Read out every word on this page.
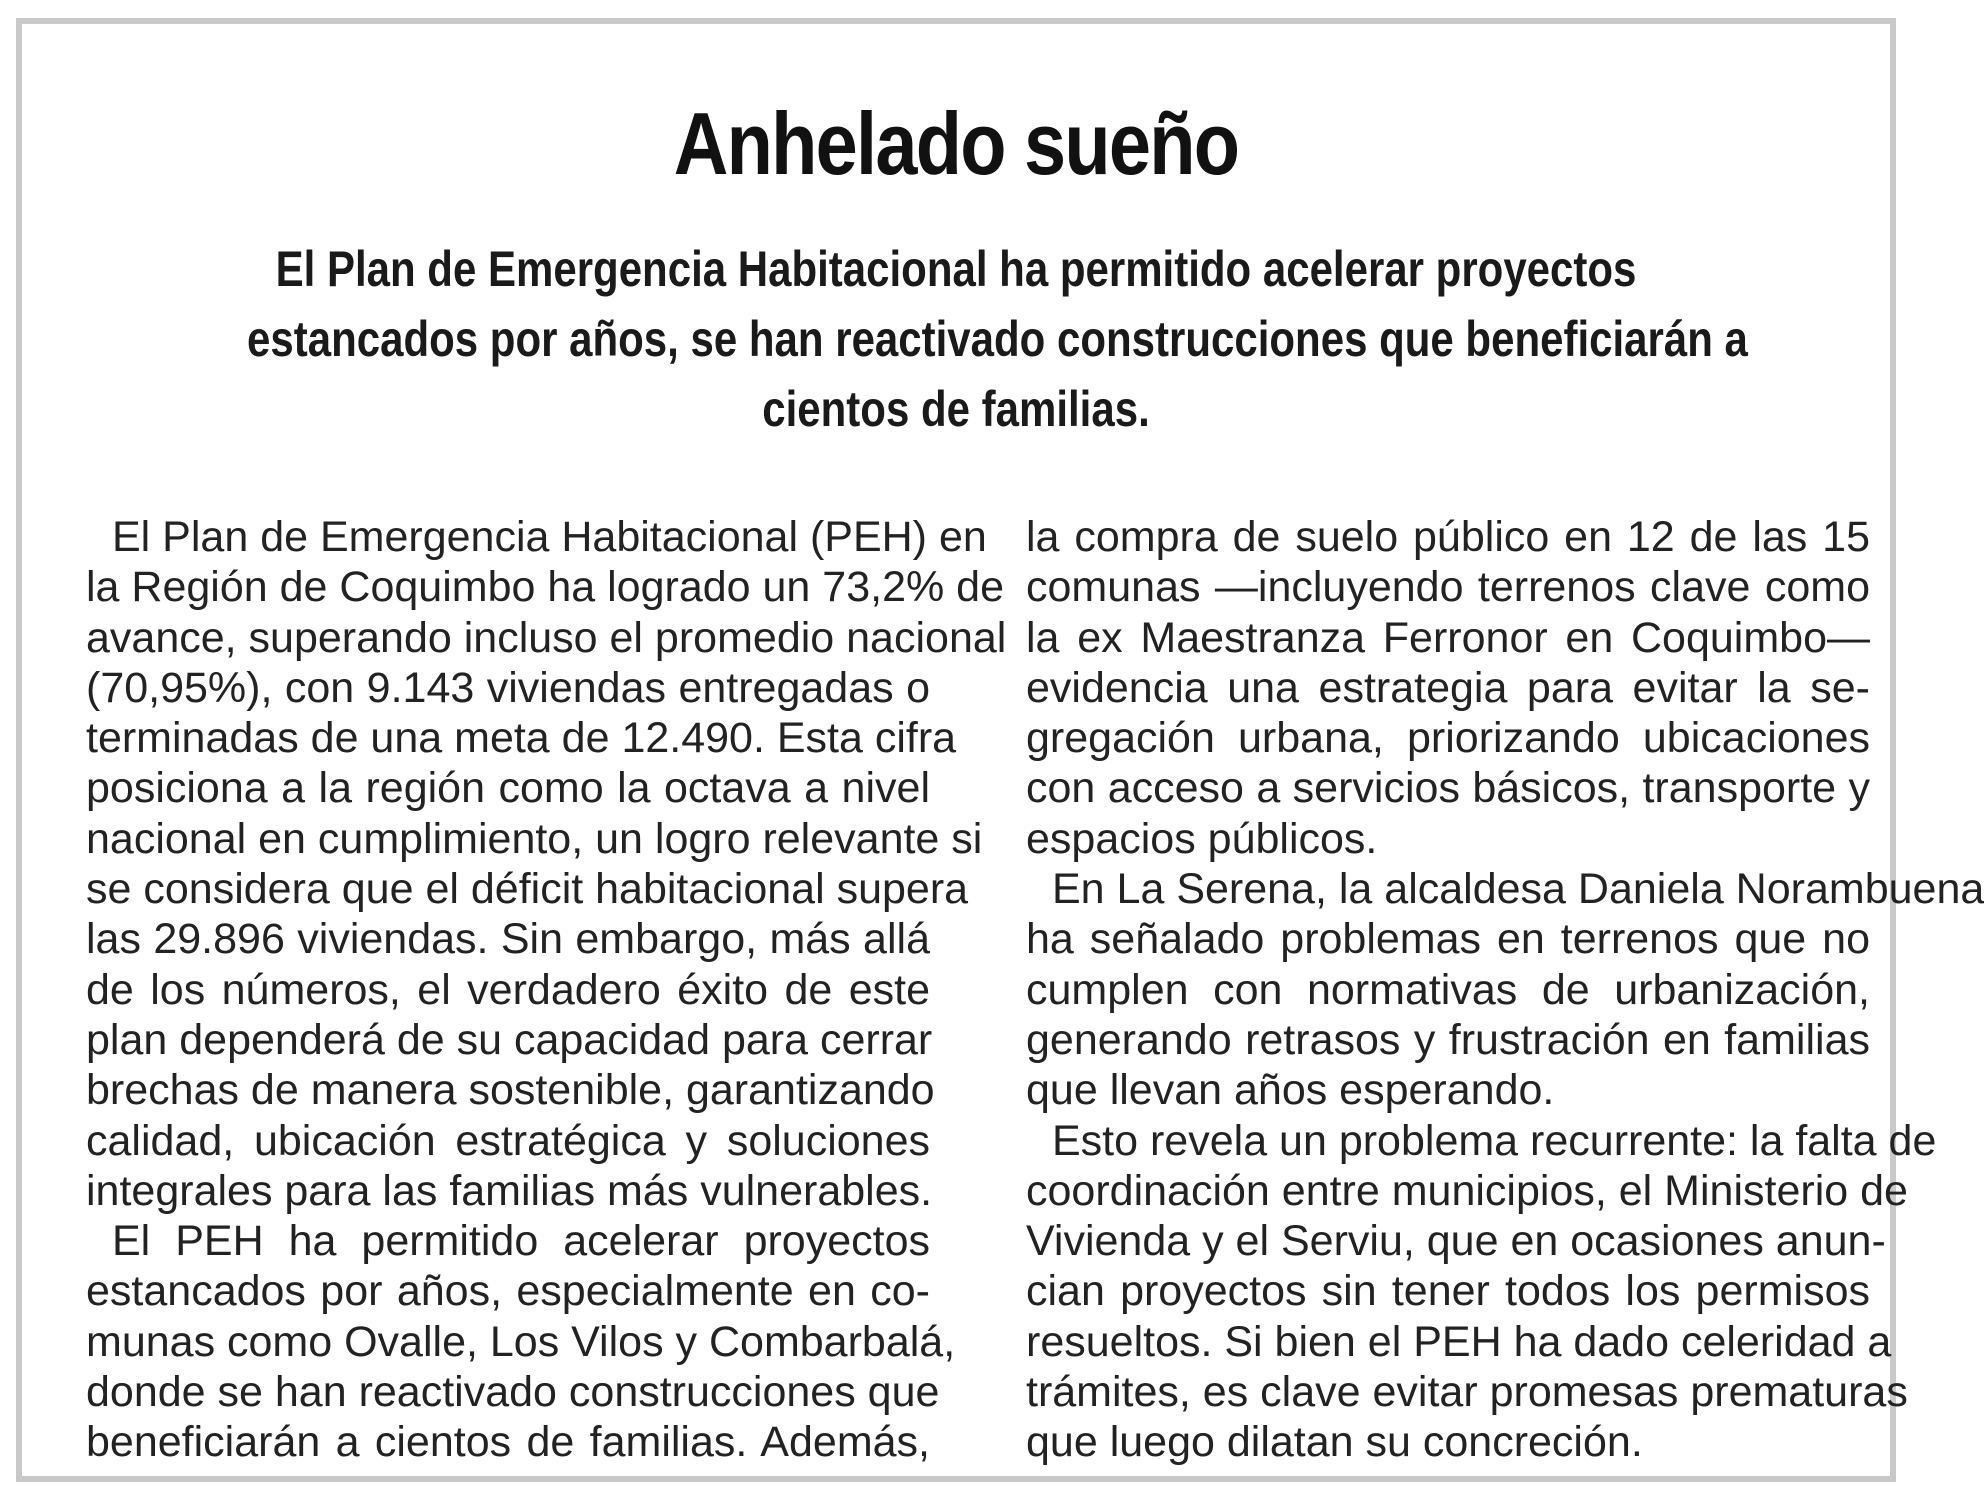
Anhelado sueño
El Plan de Emergencia Habitacional ha permitido acelerar proyectos
estancados por años, se han reactivado construcciones que beneficiarán a
cientos de familias.
El Plan de Emergencia Habitacional (PEH) en
la Región de Coquimbo ha logrado un 73,2% de
avance, superando incluso el promedio nacional
(70,95%), con 9.143 viviendas entregadas o
terminadas de una meta de 12.490. Esta cifra
posiciona a la región como la octava a nivel
nacional en cumplimiento, un logro relevante si
se considera que el déficit habitacional supera
las 29.896 viviendas. Sin embargo, más allá
de los números, el verdadero éxito de este
plan dependerá de su capacidad para cerrar
brechas de manera sostenible, garantizando
calidad, ubicación estratégica y soluciones
integrales para las familias más vulnerables.
El PEH ha permitido acelerar proyectos
estancados por años, especialmente en co-
munas como Ovalle, Los Vilos y Combarbalá,
donde se han reactivado construcciones que
beneficiarán a cientos de familias. Además,
la compra de suelo público en 12 de las 15
comunas —incluyendo terrenos clave como
la ex Maestranza Ferronor en Coquimbo—
evidencia una estrategia para evitar la se-
gregación urbana, priorizando ubicaciones
con acceso a servicios básicos, transporte y
espacios públicos.
En La Serena, la alcaldesa Daniela Norambuena
ha señalado problemas en terrenos que no
cumplen con normativas de urbanización,
generando retrasos y frustración en familias
que llevan años esperando.
Esto revela un problema recurrente: la falta de
coordinación entre municipios, el Ministerio de
Vivienda y el Serviu, que en ocasiones anun-
cian proyectos sin tener todos los permisos
resueltos. Si bien el PEH ha dado celeridad a
trámites, es clave evitar promesas prematuras
que luego dilatan su concreción.
